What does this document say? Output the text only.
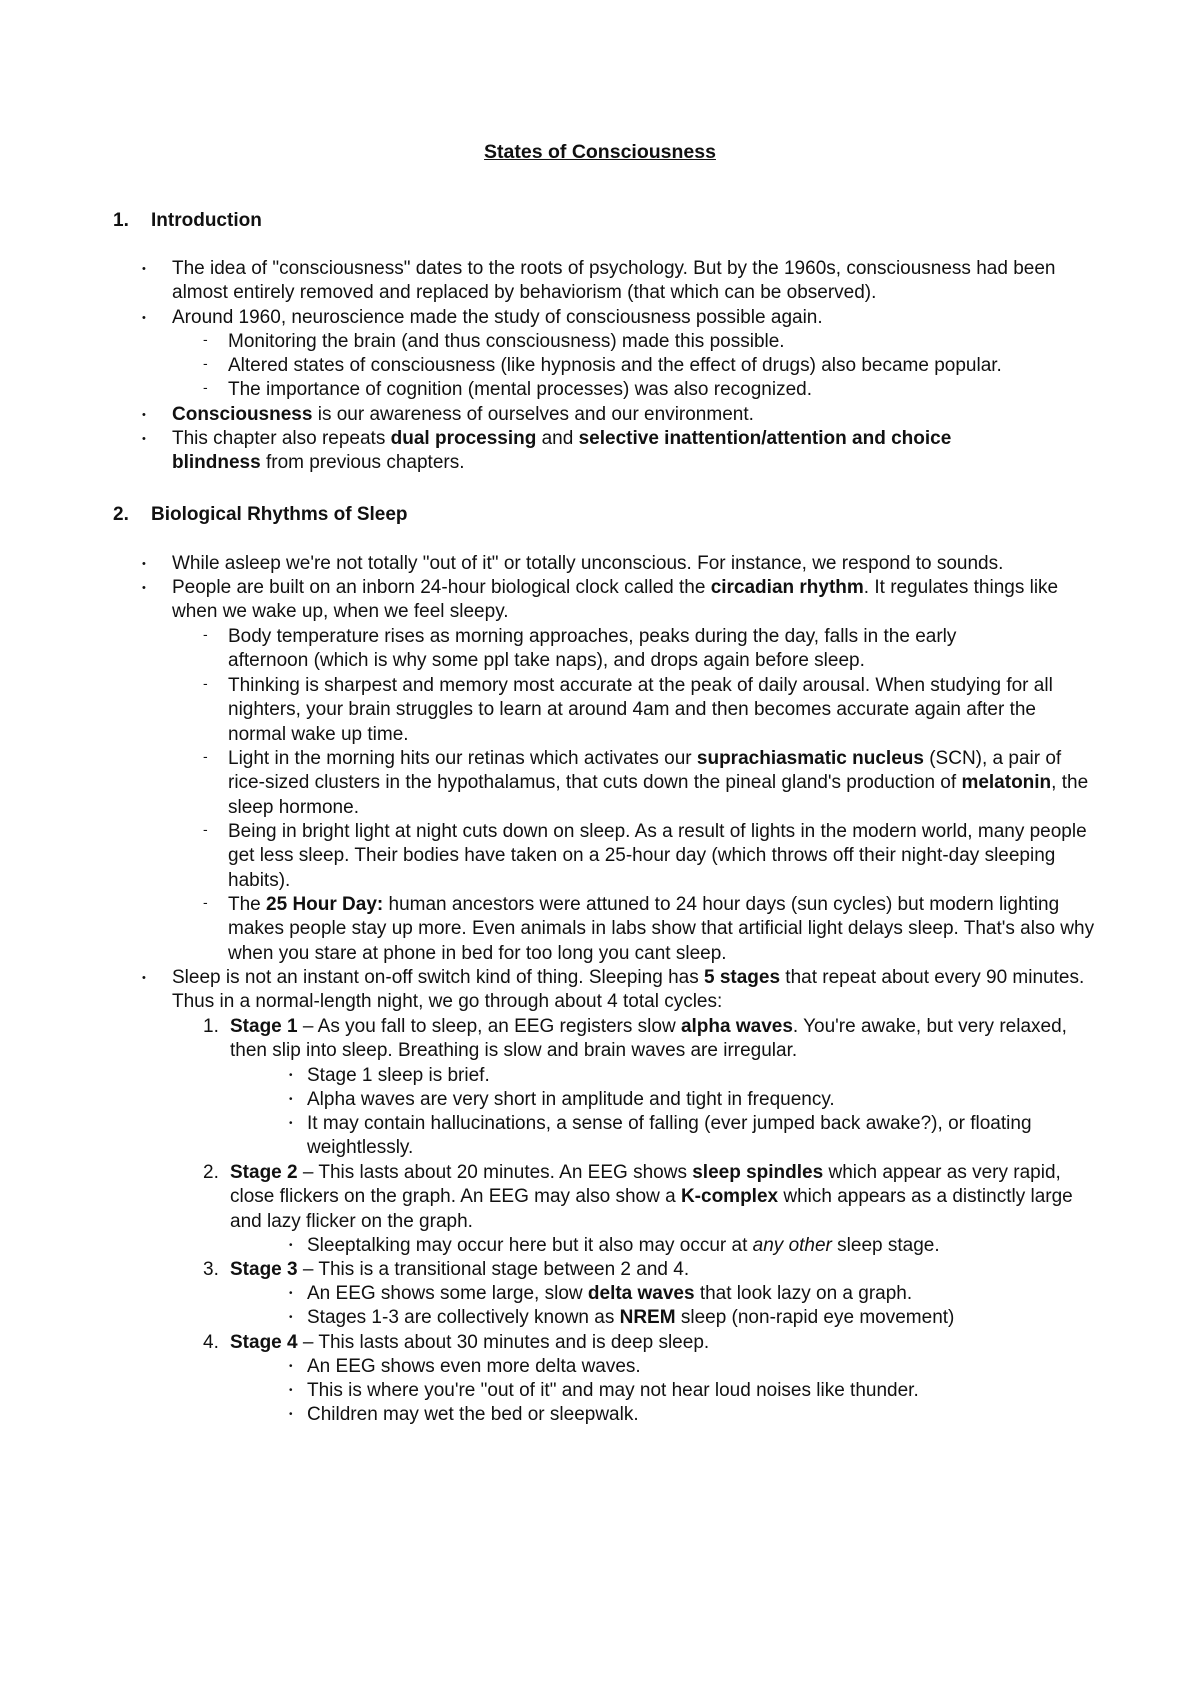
States of Consciousness
1. Introduction
• The idea of "consciousness" dates to the roots of psychology. But by the 1960s, consciousness had been almost entirely removed and replaced by behaviorism (that which can be observed).
• Around 1960, neuroscience made the study of consciousness possible again.
- Monitoring the brain (and thus consciousness) made this possible.
- Altered states of consciousness (like hypnosis and the effect of drugs) also became popular.
- The importance of cognition (mental processes) was also recognized.
• Consciousness is our awareness of ourselves and our environment.
• This chapter also repeats dual processing and selective inattention/attention and choice blindness from previous chapters.
2. Biological Rhythms of Sleep
• While asleep we're not totally "out of it" or totally unconscious. For instance, we respond to sounds.
• People are built on an inborn 24-hour biological clock called the circadian rhythm. It regulates things like when we wake up, when we feel sleepy.
- Body temperature rises as morning approaches, peaks during the day, falls in the early afternoon (which is why some ppl take naps), and drops again before sleep.
- Thinking is sharpest and memory most accurate at the peak of daily arousal. When studying for all nighters, your brain struggles to learn at around 4am and then becomes accurate again after the normal wake up time.
- Light in the morning hits our retinas which activates our suprachiasmatic nucleus (SCN), a pair of rice-sized clusters in the hypothalamus, that cuts down the pineal gland's production of melatonin, the sleep hormone.
- Being in bright light at night cuts down on sleep. As a result of lights in the modern world, many people get less sleep. Their bodies have taken on a 25-hour day (which throws off their night-day sleeping habits).
- The 25 Hour Day: human ancestors were attuned to 24 hour days (sun cycles) but modern lighting makes people stay up more. Even animals in labs show that artificial light delays sleep. That's also why when you stare at phone in bed for too long you cant sleep.
• Sleep is not an instant on-off switch kind of thing. Sleeping has 5 stages that repeat about every 90 minutes. Thus in a normal-length night, we go through about 4 total cycles:
1. Stage 1 – As you fall to sleep, an EEG registers slow alpha waves. You're awake, but very relaxed, then slip into sleep. Breathing is slow and brain waves are irregular.
• Stage 1 sleep is brief.
• Alpha waves are very short in amplitude and tight in frequency.
• It may contain hallucinations, a sense of falling (ever jumped back awake?), or floating weightlessly.
2. Stage 2 – This lasts about 20 minutes. An EEG shows sleep spindles which appear as very rapid, close flickers on the graph. An EEG may also show a K-complex which appears as a distinctly large and lazy flicker on the graph.
• Sleeptalking may occur here but it also may occur at any other sleep stage.
3. Stage 3 – This is a transitional stage between 2 and 4.
• An EEG shows some large, slow delta waves that look lazy on a graph.
• Stages 1-3 are collectively known as NREM sleep (non-rapid eye movement)
4. Stage 4 – This lasts about 30 minutes and is deep sleep.
• An EEG shows even more delta waves.
• This is where you're "out of it" and may not hear loud noises like thunder.
• Children may wet the bed or sleepwalk.
